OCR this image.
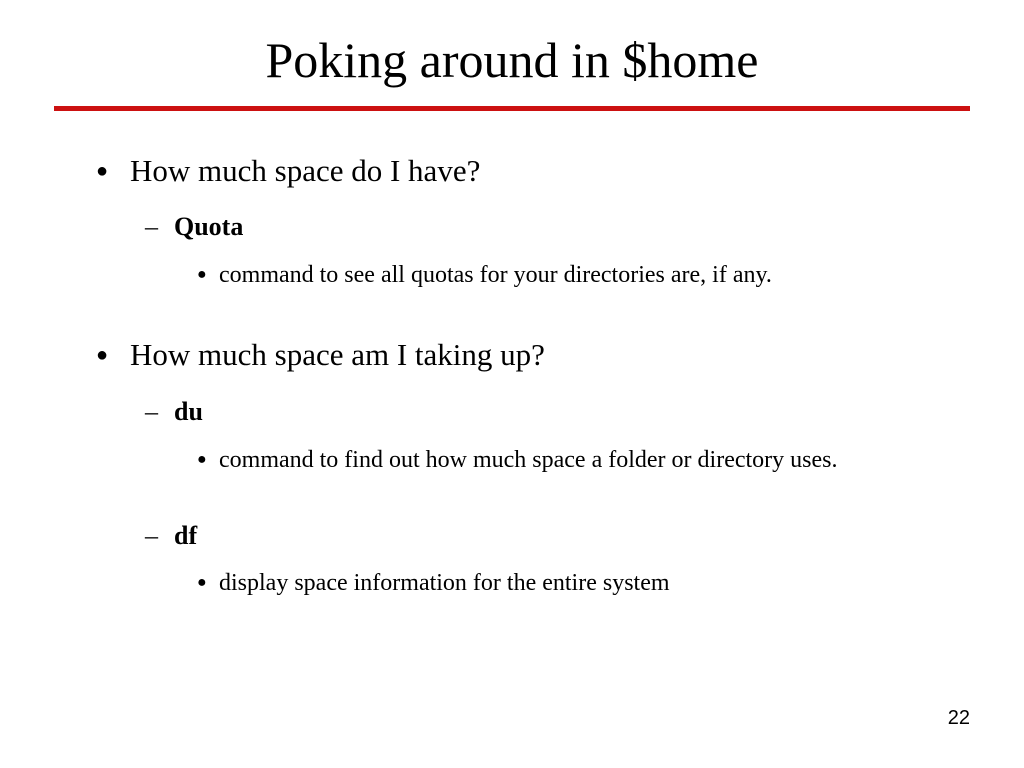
Poking around in $home
● How much space do I have?
– Quota
● command to see all quotas for your directories are, if any.
● How much space am I taking up?
– du
● command to find out how much space a folder or directory uses.
– df
● display space information for the entire system
22
